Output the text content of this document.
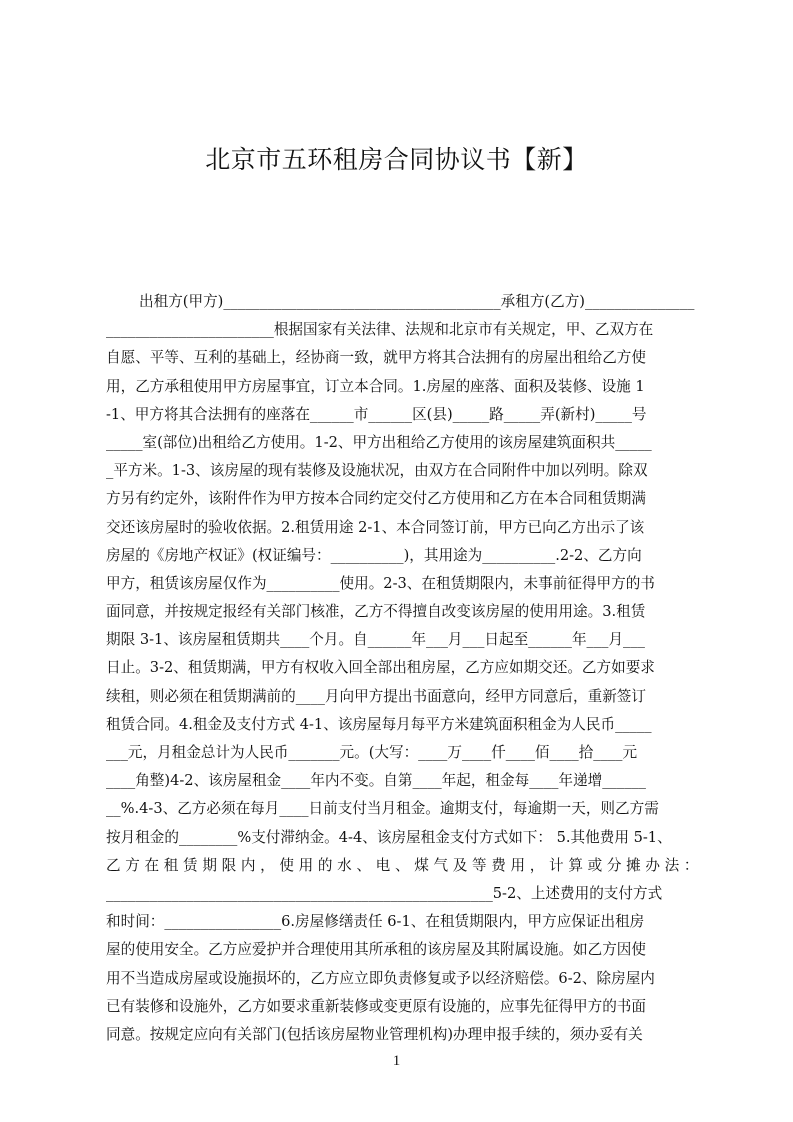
北京市五环租房合同协议书【新】
出租方(甲方)______________________________________承租方(乙方)_______________
_______________________根据国家有关法律、法规和北京市有关规定，甲、乙双方在
自愿、平等、互利的基础上，经协商一致，就甲方将其合法拥有的房屋出租给乙方使
用，乙方承租使用甲方房屋事宜，订立本合同。1.房屋的座落、面积及装修、设施 1
-1、甲方将其合法拥有的座落在______市______区(县)_____路_____弄(新村)_____号
_____室(部位)出租给乙方使用。1-2、甲方出租给乙方使用的该房屋建筑面积共_____
_平方米。1-3、该房屋的现有装修及设施状况，由双方在合同附件中加以列明。除双
方另有约定外，该附件作为甲方按本合同约定交付乙方使用和乙方在本合同租赁期满
交还该房屋时的验收依据。2.租赁用途 2-1、本合同签订前，甲方已向乙方出示了该
房屋的《房地产权证》(权证编号：__________)，其用途为__________.2-2、乙方向
甲方，租赁该房屋仅作为__________使用。2-3、在租赁期限内，未事前征得甲方的书
面同意，并按规定报经有关部门核准，乙方不得擅自改变该房屋的使用用途。3.租赁
期限 3-1、该房屋租赁期共____个月。自______年___月___日起至______年___月___
日止。3-2、租赁期满，甲方有权收入回全部出租房屋，乙方应如期交还。乙方如要求
续租，则必须在租赁期满前的____月向甲方提出书面意向，经甲方同意后，重新签订
租赁合同。4.租金及支付方式 4-1、该房屋每月每平方米建筑面积租金为人民币_____
___元，月租金总计为人民币_______元。(大写：____万____仟____佰____拾____元
____角整)4-2、该房屋租金____年内不变。自第____年起，租金每____年递增______
__%.4-3、乙方必须在每月____日前支付当月租金。逾期支付，每逾期一天，则乙方需
按月租金的________%支付滞纳金。4-4、该房屋租金支付方式如下： 5.其他费用 5-1、
乙方在租赁期限内，使用的水、电、煤气及等费用，计算或分摊办法：
_____________________________________________________5-2、上述费用的支付方式
和时间：________________6.房屋修缮责任 6-1、在租赁期限内，甲方应保证出租房
屋的使用安全。乙方应爱护并合理使用其所承租的该房屋及其附属设施。如乙方因使
用不当造成房屋或设施损坏的，乙方应立即负责修复或予以经济赔偿。6-2、除房屋内
已有装修和设施外，乙方如要求重新装修或变更原有设施的，应事先征得甲方的书面
同意。按规定应向有关部门(包括该房屋物业管理机构)办理申报手续的，须办妥有关
1
